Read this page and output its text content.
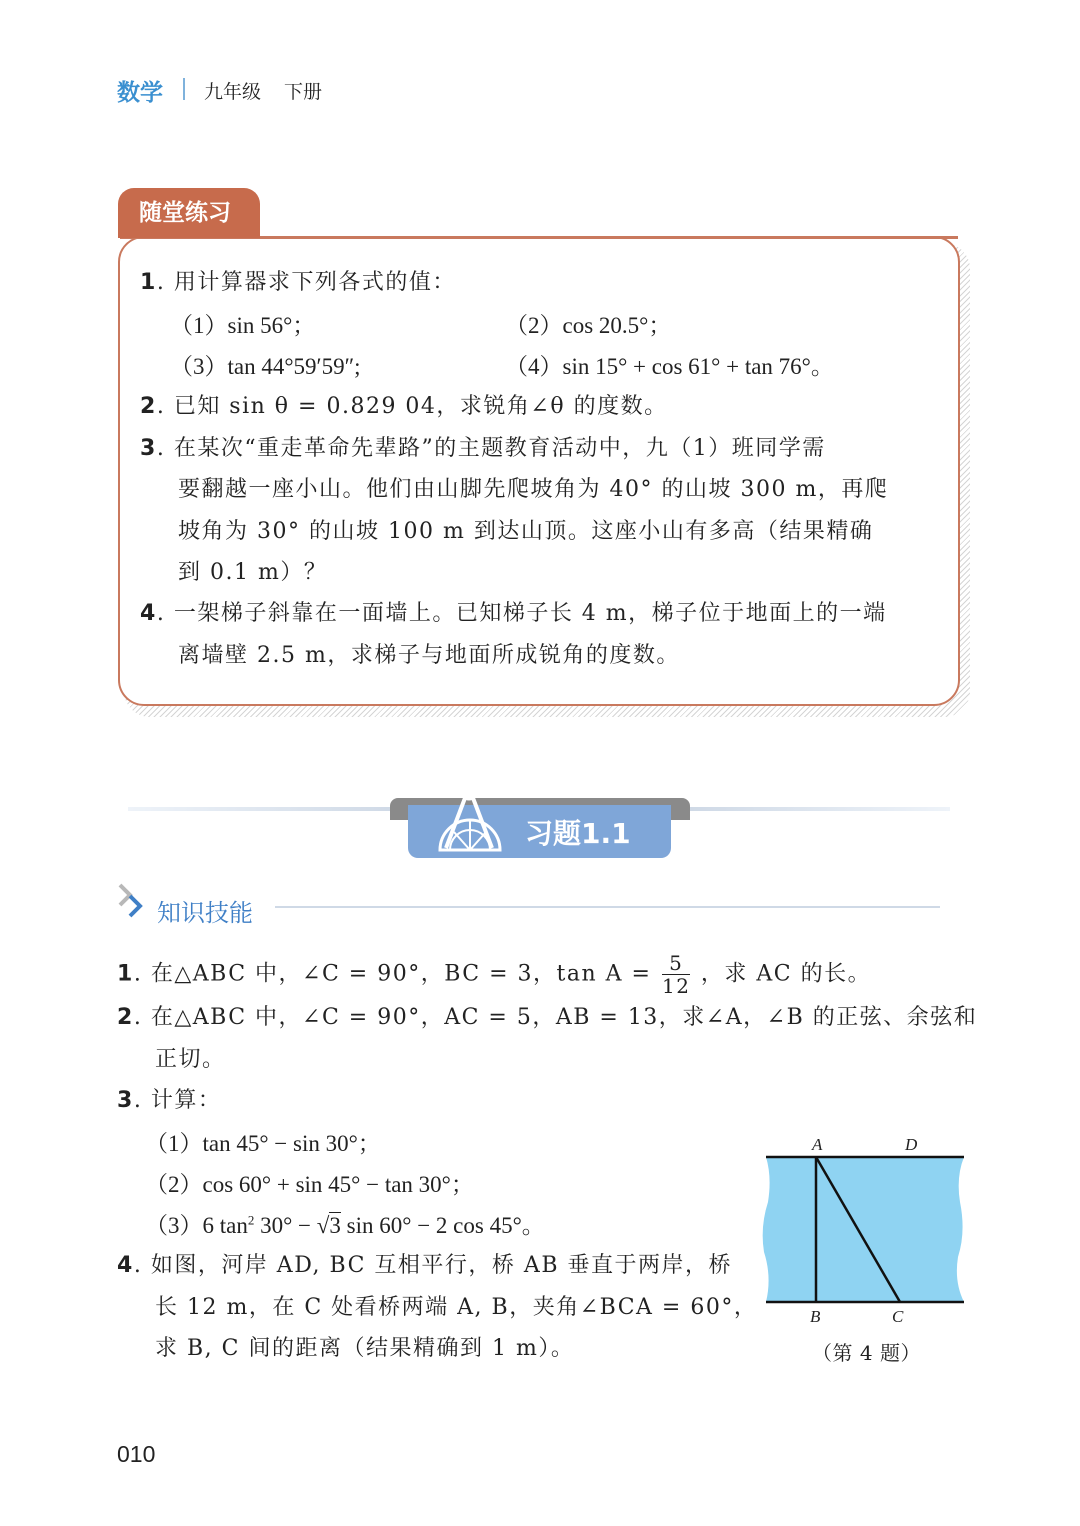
数学 九年级 下册
随堂练习
1. 用计算器求下列各式的值：
（1）sin 56°；	（2）cos 20.5°；
（3）tan 44°59′59″;	（4）sin 15° + cos 61° + tan 76°。
2. 已知 sin θ = 0.829 04，求锐角∠θ 的度数。
3. 在某次“重走革命先辈路”的主题教育活动中，九（1）班同学需
要翻越一座小山。他们由山脚先爬坡角为 40° 的山坡 300 m，再爬
坡角为 30° 的山坡 100 m 到达山顶。这座小山有多高（结果精确
到 0.1 m）？
4. 一架梯子斜靠在一面墙上。已知梯子长 4 m，梯子位于地面上的一端
离墙壁 2.5 m，求梯子与地面所成锐角的度数。
习题1.1
知识技能
1. 在△ABC 中，∠C = 90°，BC = 3，$\tan A = \frac{5}{12}$ ，求 AC 的长。
2. 在△ABC 中，∠C = 90°，AC = 5，AB = 13，求∠A，∠B 的正弦、余弦和
正切。
3. 计算：
（1）tan 45° − sin 30°；
（2）cos 60° + sin 45° − tan 30°；
（3）6 $\tan^2 30^\circ - √3$ sin 60° − 2 cos 45°。
4. 如图，河岸 AD, BC 互相平行，桥 AB 垂直于两岸，桥
长 12 m，在 C 处看桥两端 A, B，夹角∠BCA = 60°，
求 B, C 间的距离（结果精确到 1 m）。
A	D
B	C
（第 4 题）
010
